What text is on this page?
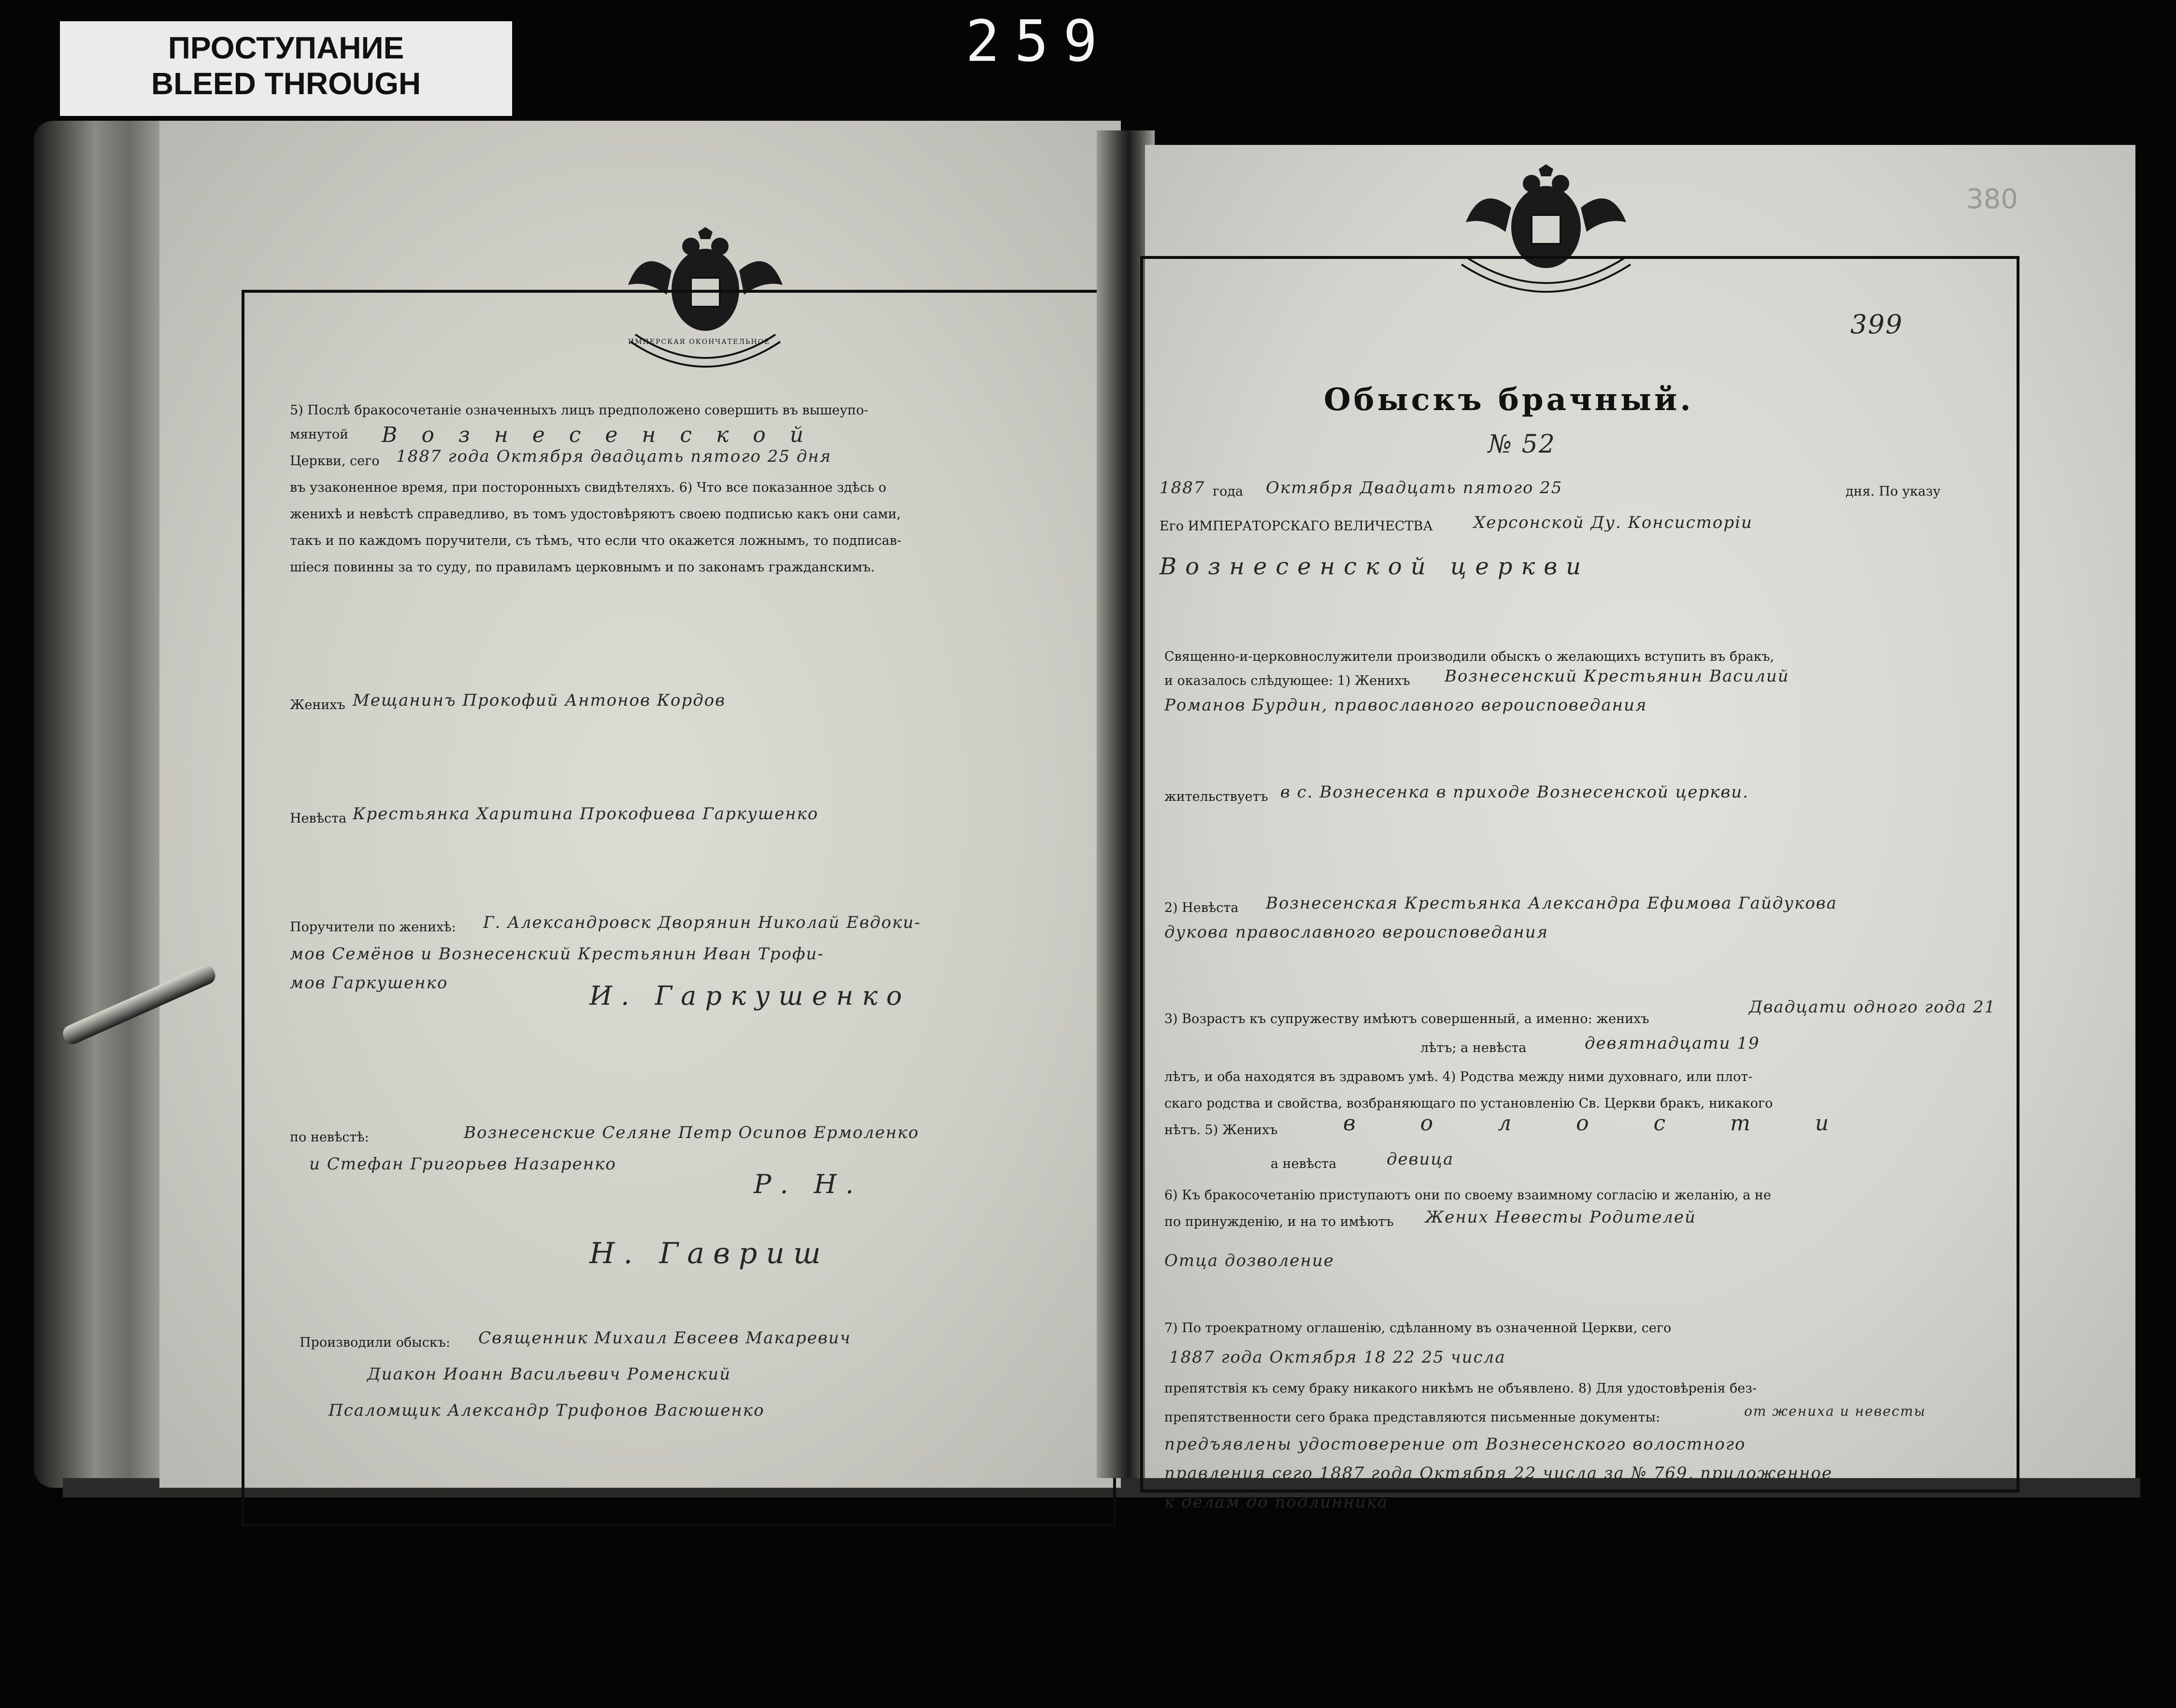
ПРОСТУПАНИЕ
BLEED THROUGH
259
ИМПЕРСКАЯ ОКОНЧАТЕЛЬНОЕ
5) Послѣ бракосочетаніе означенныхъ лицъ предположено совершить въ вышеупо-
мянутой В о з н е с е н с к о й
Церкви, сего 1887 года Октября двадцать пятого 25 дня
въ узаконенное время, при посторонныхъ свидѣтеляхъ. 6) Что все показанное здѣсь о
женихѣ и невѣстѣ справедливо, въ томъ удостовѣряютъ своею подписью какъ они сами,
такъ и по каждомъ поручители, съ тѣмъ, что если что окажется ложнымъ, то подписав-
шіеся повинны за то суду, по правиламъ церковнымъ и по законамъ гражданскимъ.
Женихъ Мещанинъ Прокофий Антонов Кордов
Невѣста Крестьянка Харитина Прокофиева Гаркушенко
Поручители по женихѣ: Г. Александровск Дворянин Николай Евдоки-
мов Семёнов и Вознесенский Крестьянин Иван Трофи-
мов Гаркушенко	И. Гаркушенко
по невѣстѣ:	Вознесенские Селяне Петр Осипов Ермоленко
и Стефан Григорьев Назаренко
Р. Н.
Н. Гавриш
Производили обыскъ: Священник Михаил Евсеев Макаревич
Диакон Иоанн Васильевич Роменский
Псаломщик Александр Трифонов Васюшенко
380
399
Обыскъ брачный.
№ 52
1887 года Октября Двадцать пятого 25	дня. По указу
Его ИМПЕРАТОРСКАГО ВЕЛИЧЕСТВА Херсонской Ду. Консисторіи
Вознесенской церкви
Священно-и-церковнослужители производили обыскъ о желающихъ вступить въ бракъ,
и оказалось слѣдующее: 1) Женихъ Вознесенский Крестьянин Василий
Романов Бурдин, православного вероисповедания
жительствуетъ в с. Вознесенка в приходе Вознесенской церкви.
2) Невѣста Вознесенская Крестьянка Александра Ефимова Гайдукова
дукова православного вероисповедания
3) Возрастъ къ супружеству имѣютъ совершенный, а именно: женихъ
Двадцати одного года 21
лѣтъ; а невѣста	девятнадцати 19
лѣтъ, и оба находятся въ здравомъ умѣ. 4) Родства между ними духовнаго, или плот-
скаго родства и свойства, возбраняющаго по установленію Св. Церкви бракъ, никакого
нѣтъ. 5) Женихъ	в о л о с т и
а невѣста	девица
6) Къ бракосочетанію приступаютъ они по своему взаимному согласію и желанію, а не
по принужденію, и на то имѣютъ Жених Невесты Родителей
Отца дозволение
7) По троекратному оглашенію, сдѣланному въ означенной Церкви, сего
1887 года Октября 18 22 25 числа
препятствія къ сему браку никакого никѣмъ не объявлено. 8) Для удостовѣренія без-
препятственности сего брака представляются письменные документы:	от жениха и невесты
предъявлены удостоверение от Вознесенского волостного
правления сего 1887 года Октября 22 числа за № 769, приложенное
к делам до подлинника
